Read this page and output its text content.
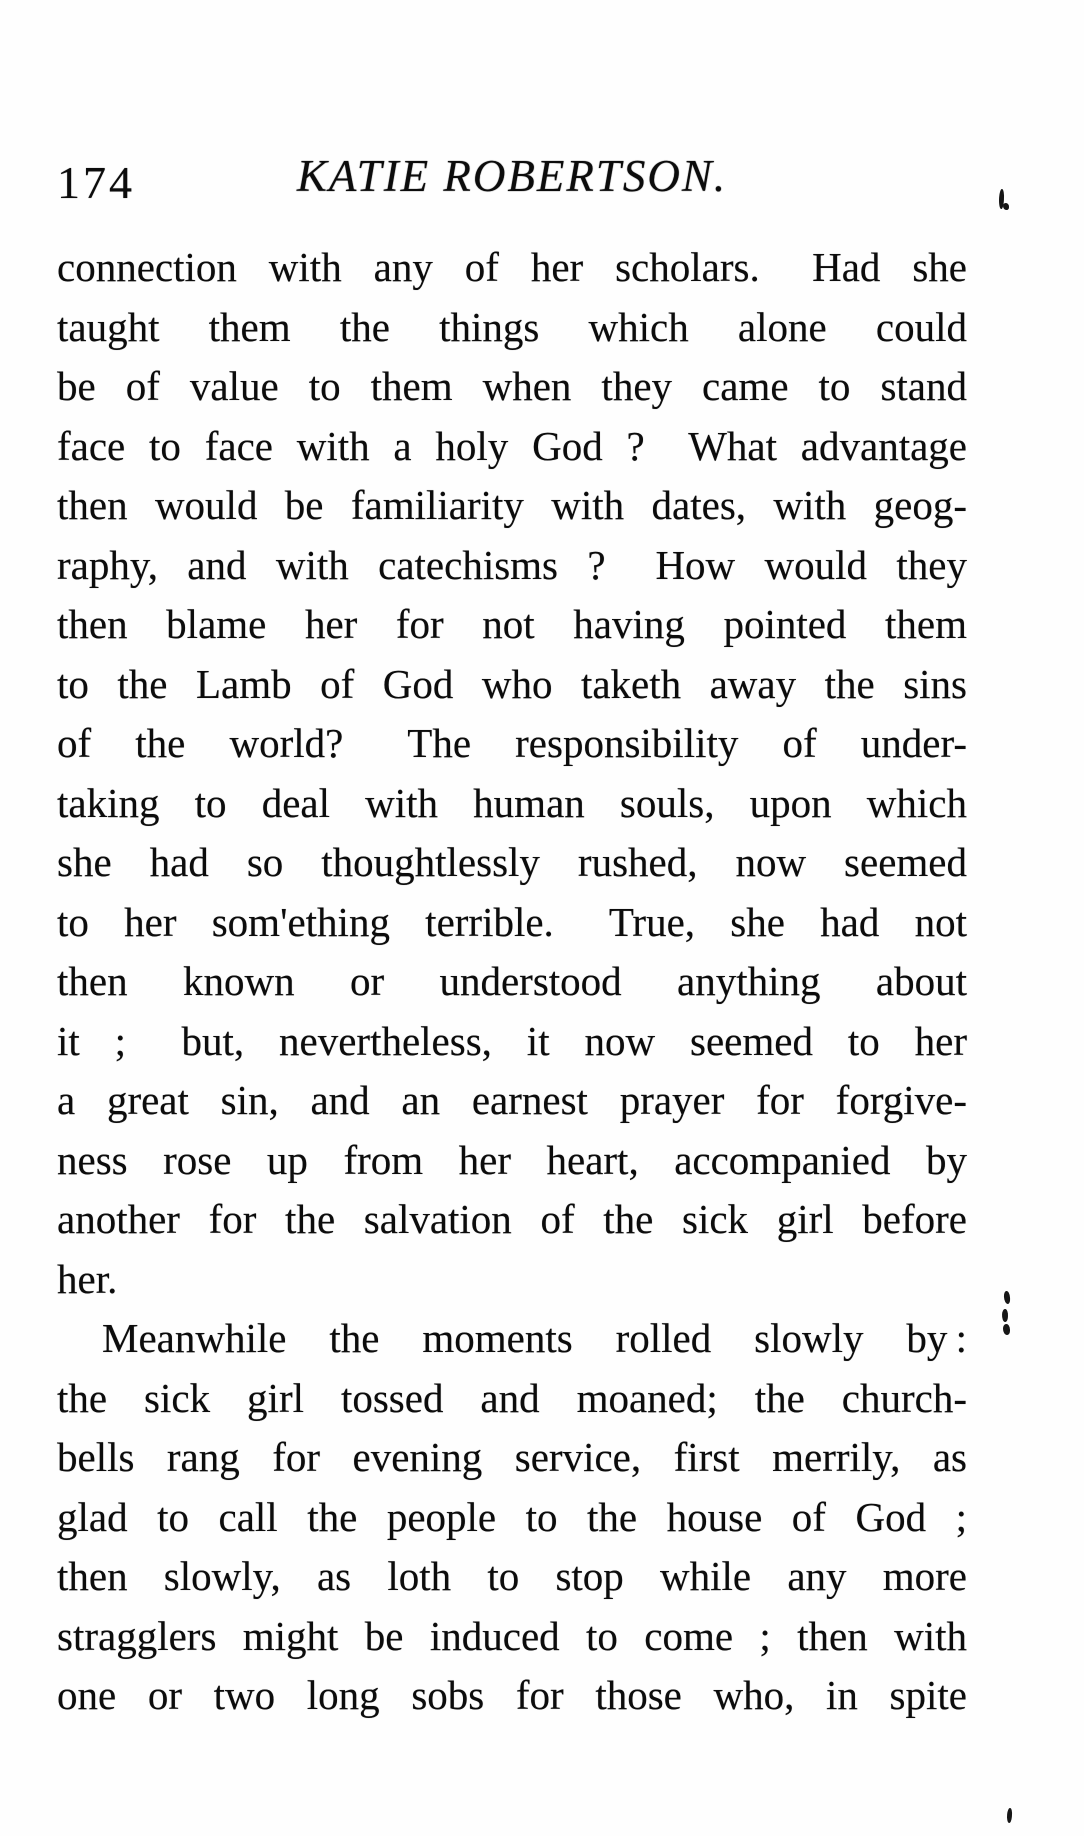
174	KATIE ROBERTSON.
connection with any of her scholars.  Had she
taught them the things which alone could
be of value to them when they came to stand
face to face with a holy God ?  What advantage
then would be familiarity with dates, with geog-
raphy, and with catechisms ?  How would they
then blame her for not having pointed them
to the Lamb of God who taketh away the sins
of the world?  The responsibility of under-
taking to deal with human souls, upon which
she had so thoughtlessly rushed, now seemed
to her som'ething terrible.  True, she had not
then known or understood anything about
it ;  but, nevertheless, it now seemed to her
a great sin, and an earnest prayer for forgive-
ness rose up from her heart, accompanied by
another for the salvation of the sick girl before
her.
Meanwhile the moments rolled slowly by :
the sick girl tossed and moaned; the church-
bells rang for evening service, first merrily, as
glad to call the people to the house of God ;
then slowly, as loth to stop while any more
stragglers might be induced to come ; then with
one or two long sobs for those who, in spite
